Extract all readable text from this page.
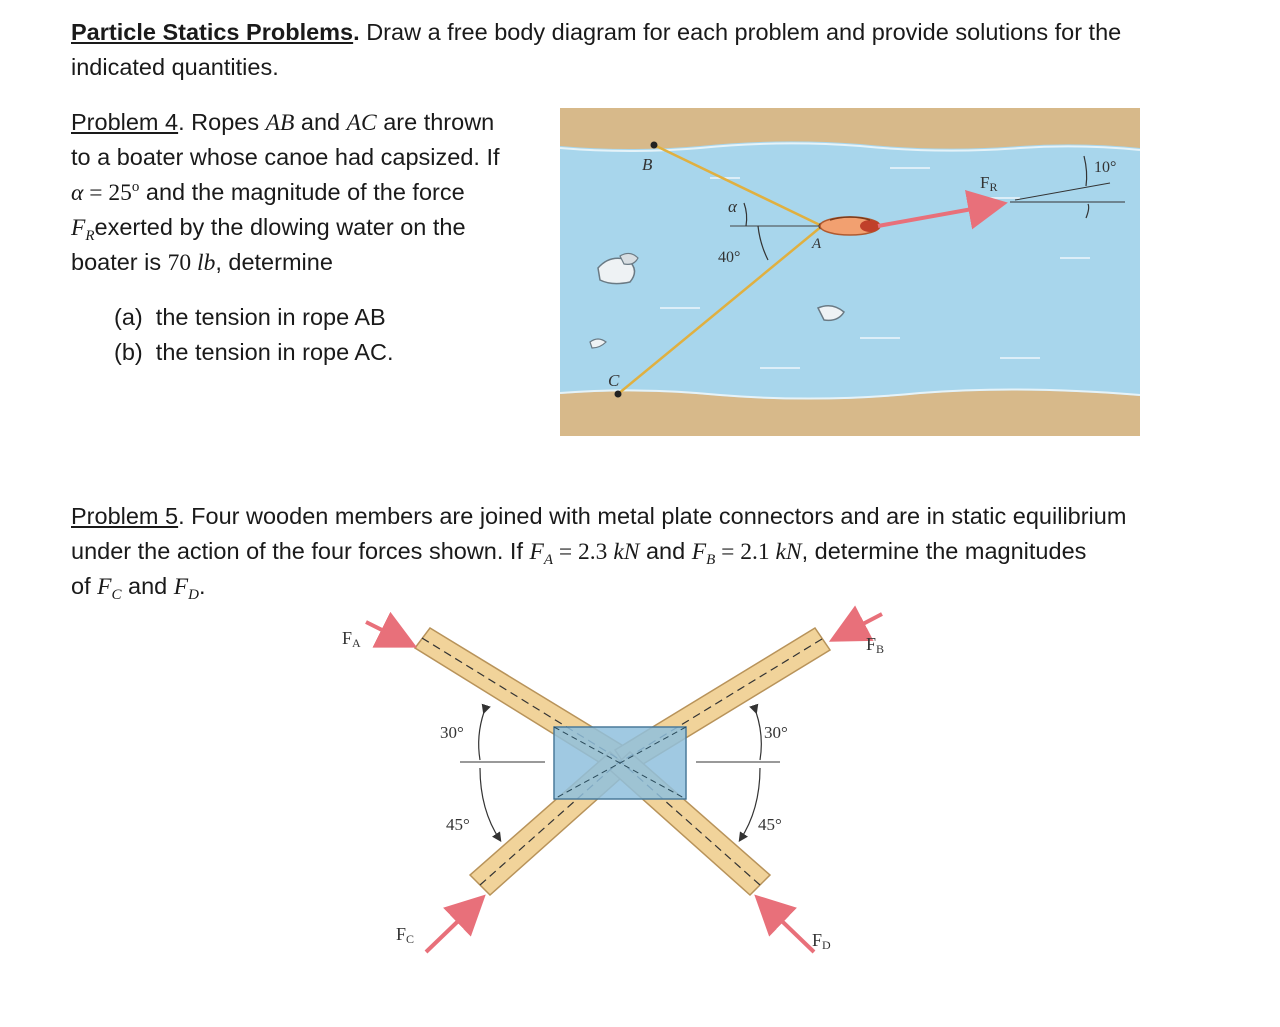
Particle Statics Problems. Draw a free body diagram for each problem and provide solutions for the
indicated quantities.
Problem 4. Ropes AB and AC are thrown
to a boater whose canoe had capsized. If
$\alpha = 25^o$ and the magnitude of the force
$F_Rexerted$ by the dlowing water on the
boater is 70 lb, determine
(a) the tension in rope AB
(b) the tension in rope AC.
B
C
A
α
40°
FR
10°
Problem 5. Four wooden members are joined with metal plate connectors and are in static equilibrium
under the action of the four forces shown. If $F_A = 2.3$ kN and $F_B = 2.1$ kN, determine the magnitudes
of $F_C$ and $F_D$.
FA	FB
FC	FD
30°	30°
45°	45°
